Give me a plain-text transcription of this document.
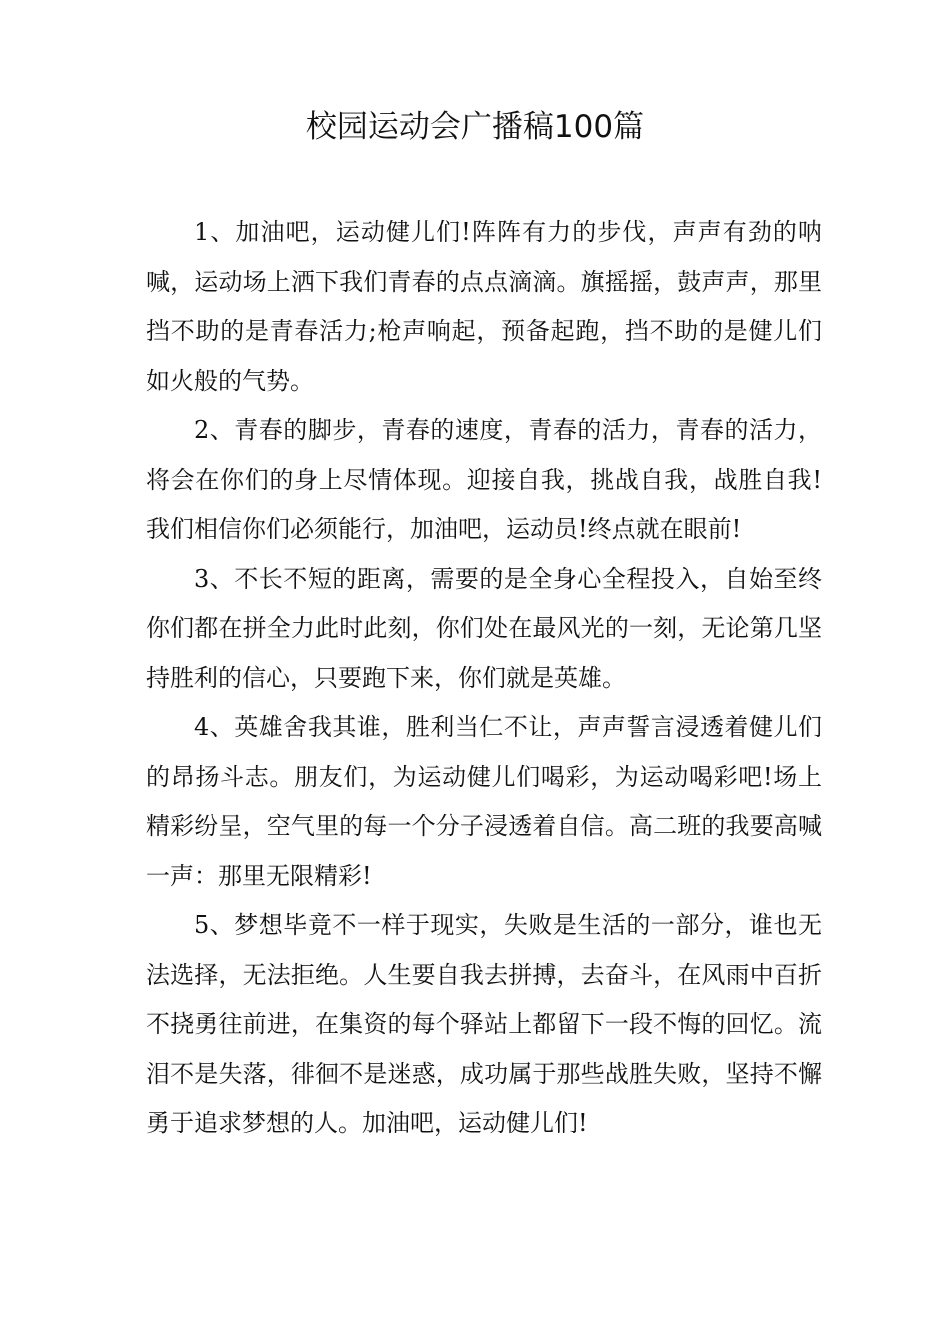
校园运动会广播稿100篇

1、加油吧，运动健儿们!阵阵有力的步伐，声声有劲的呐喊，运动场上洒下我们青春的点点滴滴。旗摇摇，鼓声声，那里挡不助的是青春活力;枪声响起，预备起跑，挡不助的是健儿们如火般的气势。

2、青春的脚步，青春的速度，青春的活力，青春的活力，将会在你们的身上尽情体现。迎接自我，挑战自我，战胜自我!我们相信你们必须能行，加油吧，运动员!终点就在眼前!

3、不长不短的距离，需要的是全身心全程投入，自始至终你们都在拼全力此时此刻，你们处在最风光的一刻，无论第几坚持胜利的信心，只要跑下来，你们就是英雄。

4、英雄舍我其谁，胜利当仁不让，声声誓言浸透着健儿们的昂扬斗志。朋友们，为运动健儿们喝彩，为运动喝彩吧!场上精彩纷呈，空气里的每一个分子浸透着自信。高二班的我要高喊一声：那里无限精彩!

5、梦想毕竟不一样于现实，失败是生活的一部分，谁也无法选择，无法拒绝。人生要自我去拼搏，去奋斗，在风雨中百折不挠勇往前进，在集资的每个驿站上都留下一段不悔的回忆。流泪不是失落，徘徊不是迷惑，成功属于那些战胜失败，坚持不懈勇于追求梦想的人。加油吧，运动健儿们!
